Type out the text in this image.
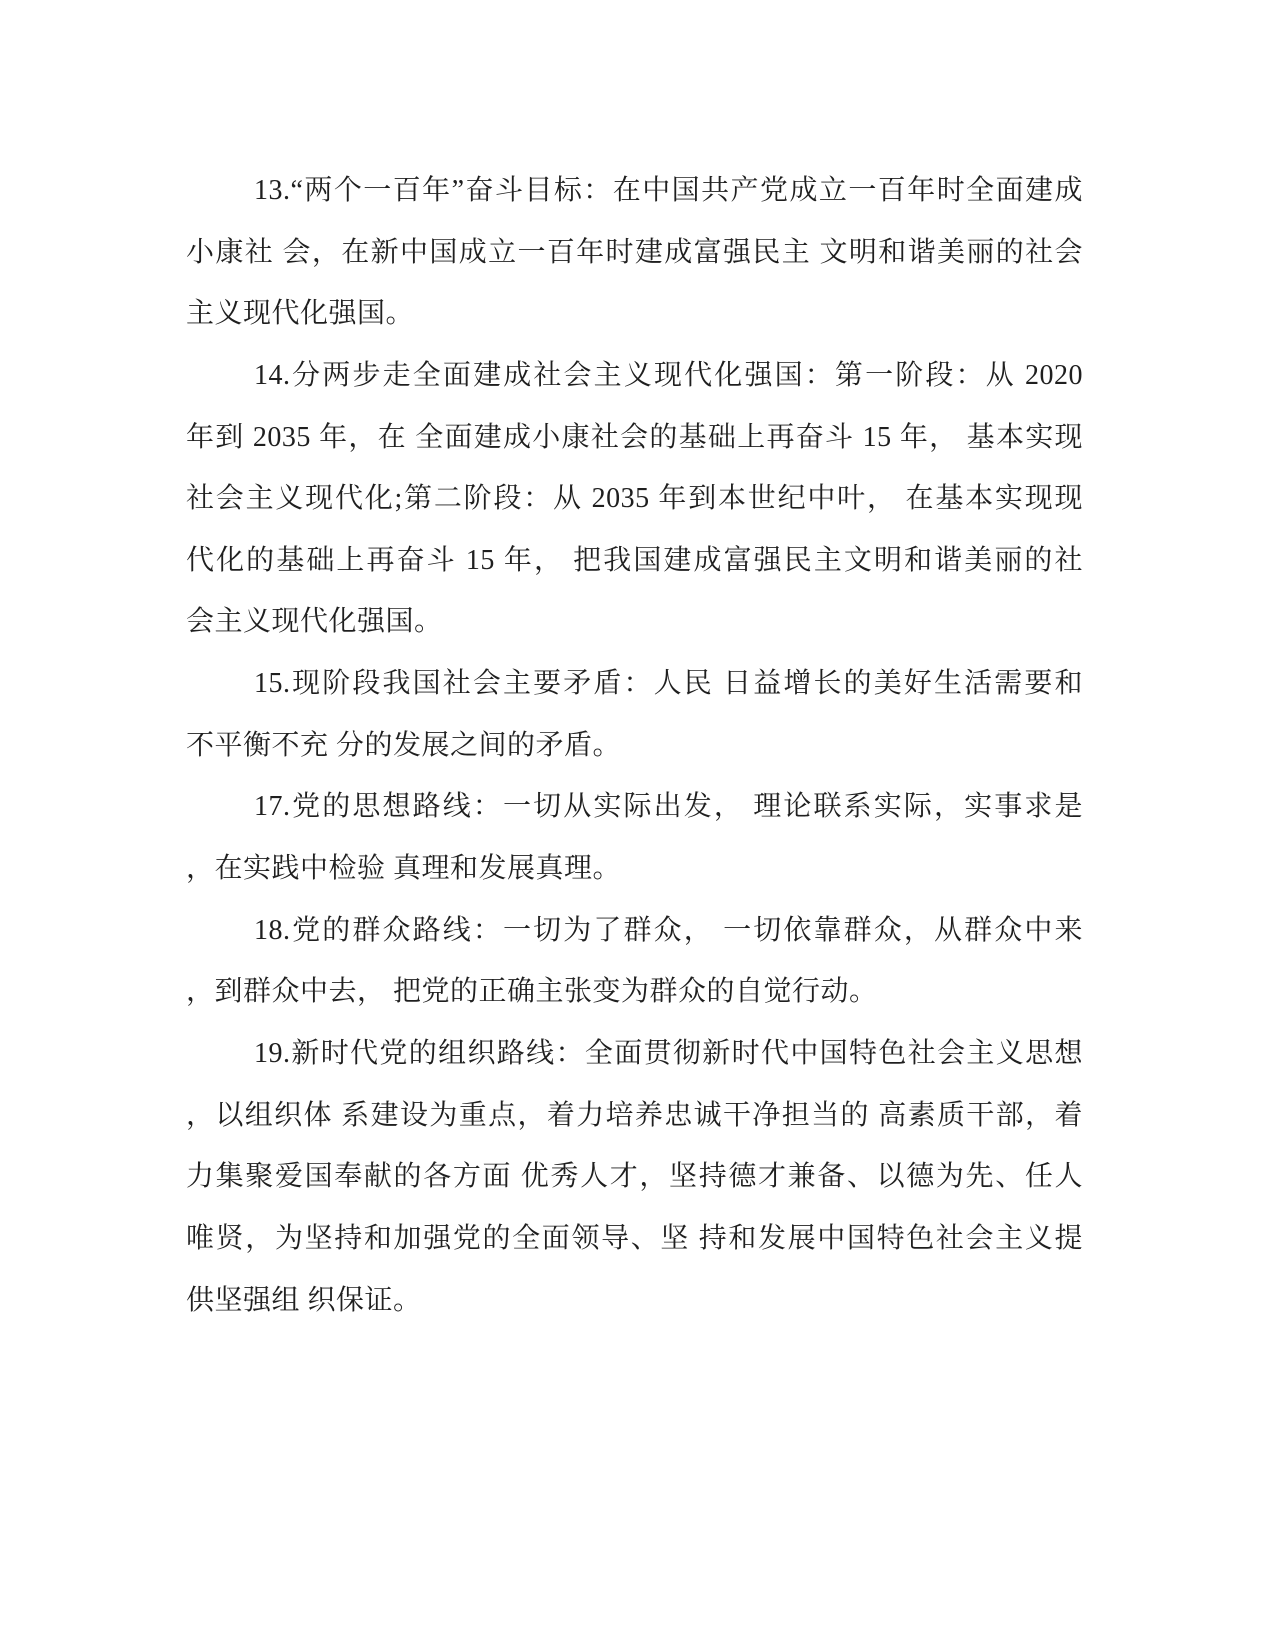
13.“两个一百年”奋斗目标：在中国共产党成立一百年时全面建成
小康社 会，在新中国成立一百年时建成富强民主 文明和谐美丽的社会
主义现代化强国。
14.分两步走全面建成社会主义现代化强国：第一阶段：从 2020
年到 2035 年，在 全面建成小康社会的基础上再奋斗 15 年， 基本实现
社会主义现代化;第二阶段：从 2035 年到本世纪中叶， 在基本实现现
代化的基础上再奋斗 15 年， 把我国建成富强民主文明和谐美丽的社
会主义现代化强国。
15.现阶段我国社会主要矛盾：人民 日益增长的美好生活需要和
不平衡不充 分的发展之间的矛盾。
17.党的思想路线：一切从实际出发， 理论联系实际，实事求是
，在实践中检验 真理和发展真理。
18.党的群众路线：一切为了群众， 一切依靠群众，从群众中来
，到群众中去， 把党的正确主张变为群众的自觉行动。
19.新时代党的组织路线：全面贯彻新时代中国特色社会主义思想
，以组织体 系建设为重点，着力培养忠诚干净担当的 高素质干部，着
力集聚爱国奉献的各方面 优秀人才，坚持德才兼备、以德为先、任人
唯贤，为坚持和加强党的全面领导、坚 持和发展中国特色社会主义提
供坚强组 织保证。
